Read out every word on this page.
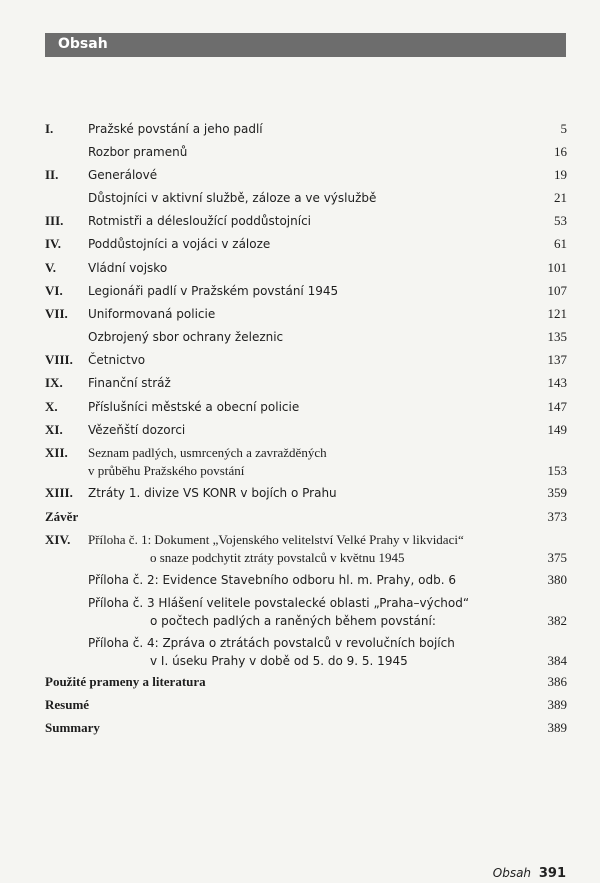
Obsah
I.	Pražské povstání a jeho padlí	5
Rozbor pramenů	16
II. Generálové	19
Důstojníci v aktivní službě, záloze a ve výslužbě	21
III. Rotmistři a délesloužící poddůstojníci	53
IV. Poddůstojníci a vojáci v záloze	61
V.	Vládní vojsko	101
VI. Legionáři padlí v Pražském povstání 1945	107
VII. Uniformovaná policie	121
Ozbrojený sbor ochrany železnic	135
VIII. Četnictvo	137
IX. Finanční stráž	143
X.	Příslušníci městské a obecní policie	147
XI. Vězeňští dozorci	149
XII. Seznam padlých, usmrcených a zavražděných
v průběhu Pražského povstání	153
XIII. Ztráty 1. divize VS KONR v bojích o Prahu	359
Závěr	373
XIV. Příloha č. 1: Dokument „Vojenského velitelství Velké Prahy v likvidaci“
o snaze podchytit ztráty povstalců v květnu 1945	375
Příloha č. 2: Evidence Stavebního odboru hl. m. Prahy, odb. 6	380
Příloha č. 3 Hlášení velitele povstalecké oblasti „Praha–východ“
o počtech padlých a raněných během povstání:	382
Příloha č. 4: Zpráva o ztrátách povstalců v revolučních bojích
v I. úseku Prahy v době od 5. do 9. 5. 1945	384
Použité prameny a literatura	386
Resumé	389
Summary	389
Obsah 391
